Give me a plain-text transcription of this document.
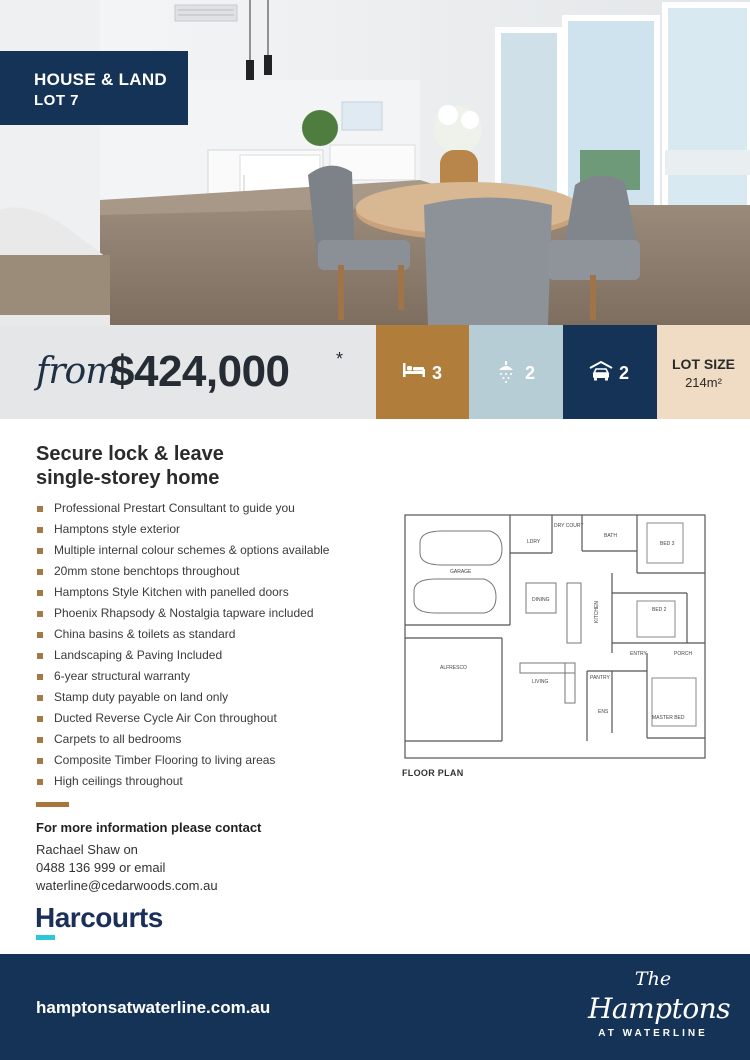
HOUSE & LAND
LOT 7
from
$424,000	*
3	2	2	LOT SIZE
214m²
Secure lock & leave
single-storey home
Professional Prestart Consultant to guide you
Hamptons style exterior
Multiple internal colour schemes & options available
20mm stone benchtops throughout
Hamptons Style Kitchen with panelled doors
Phoenix Rhapsody & Nostalgia tapware included
China basins & toilets as standard
Landscaping & Paving Included
6-year structural warranty
Stamp duty payable on land only
Ducted Reverse Cycle Air Con throughout
Carpets to all bedrooms
Composite Timber Flooring to living areas
High ceilings throughout
GARAGE
DRY COURT
LDRY
BATH
BED 3
DINING
KITCHEN	BED 2
ALFRESCO
ENTRY	PORCH
LIVING
PANTRY
ENS
MASTER BED
FLOOR PLAN
For more information please contact
Rachael Shaw on
0488 136 999 or email
waterline@cedarwoods.com.au
Harcourts
hamptonsatwaterline.com.au
The
Hamptons
AT WATERLINE
